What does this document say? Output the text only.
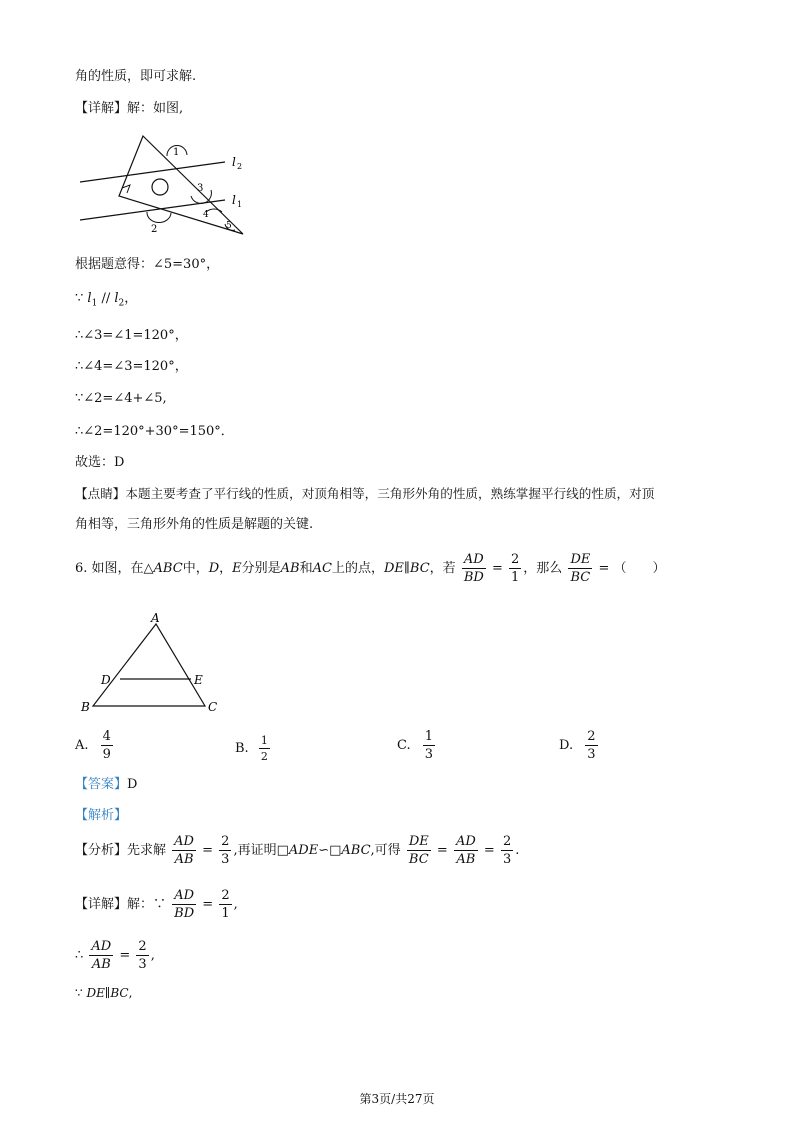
角的性质，即可求解.
【详解】解：如图,
1
2
3
4
5
l 2
l 1
根据题意得：∠5=30°，
∵ $l_1 // l_2$，
∴∠3=∠1=120°，
∴∠4=∠3=120°，
∵∠2=∠4+∠5,
∴∠2=120°+30°=150°．
故选：D
【点睛】本题主要考查了平行线的性质，对顶角相等，三角形外角的性质，熟练掌握平行线的性质，对顶
角相等，三角形外角的性质是解题的关键.
6. 如图，在△ABC中，D，E分别是AB和AC上的点，DE∥BC，若 $\frac{AD}{BD} = \frac{2}{1}$ ，那么 $\frac{DE}{BC}$ = （　　）
A
B	C
D	E
A. $\frac{4}{9}$	B. $\frac{1}{2}$	C. $\frac{1}{3}$	D. $\frac{2}{3}$
【答案】D
【解析】
【分析】先求解 $\frac{AD}{AB} = \frac{2}{3}$ ,再证明□ADE∽□ABC,可得 $\frac{DE}{BC} = \frac{AD}{AB} = \frac{2}{3}$ .
【详解】解：∵ $\frac{AD}{BD} = \frac{2}{1}$ ,
∴ $\frac{AD}{AB} = \frac{2}{3}$ ,
∵ DE∥BC,
第3页/共27页
